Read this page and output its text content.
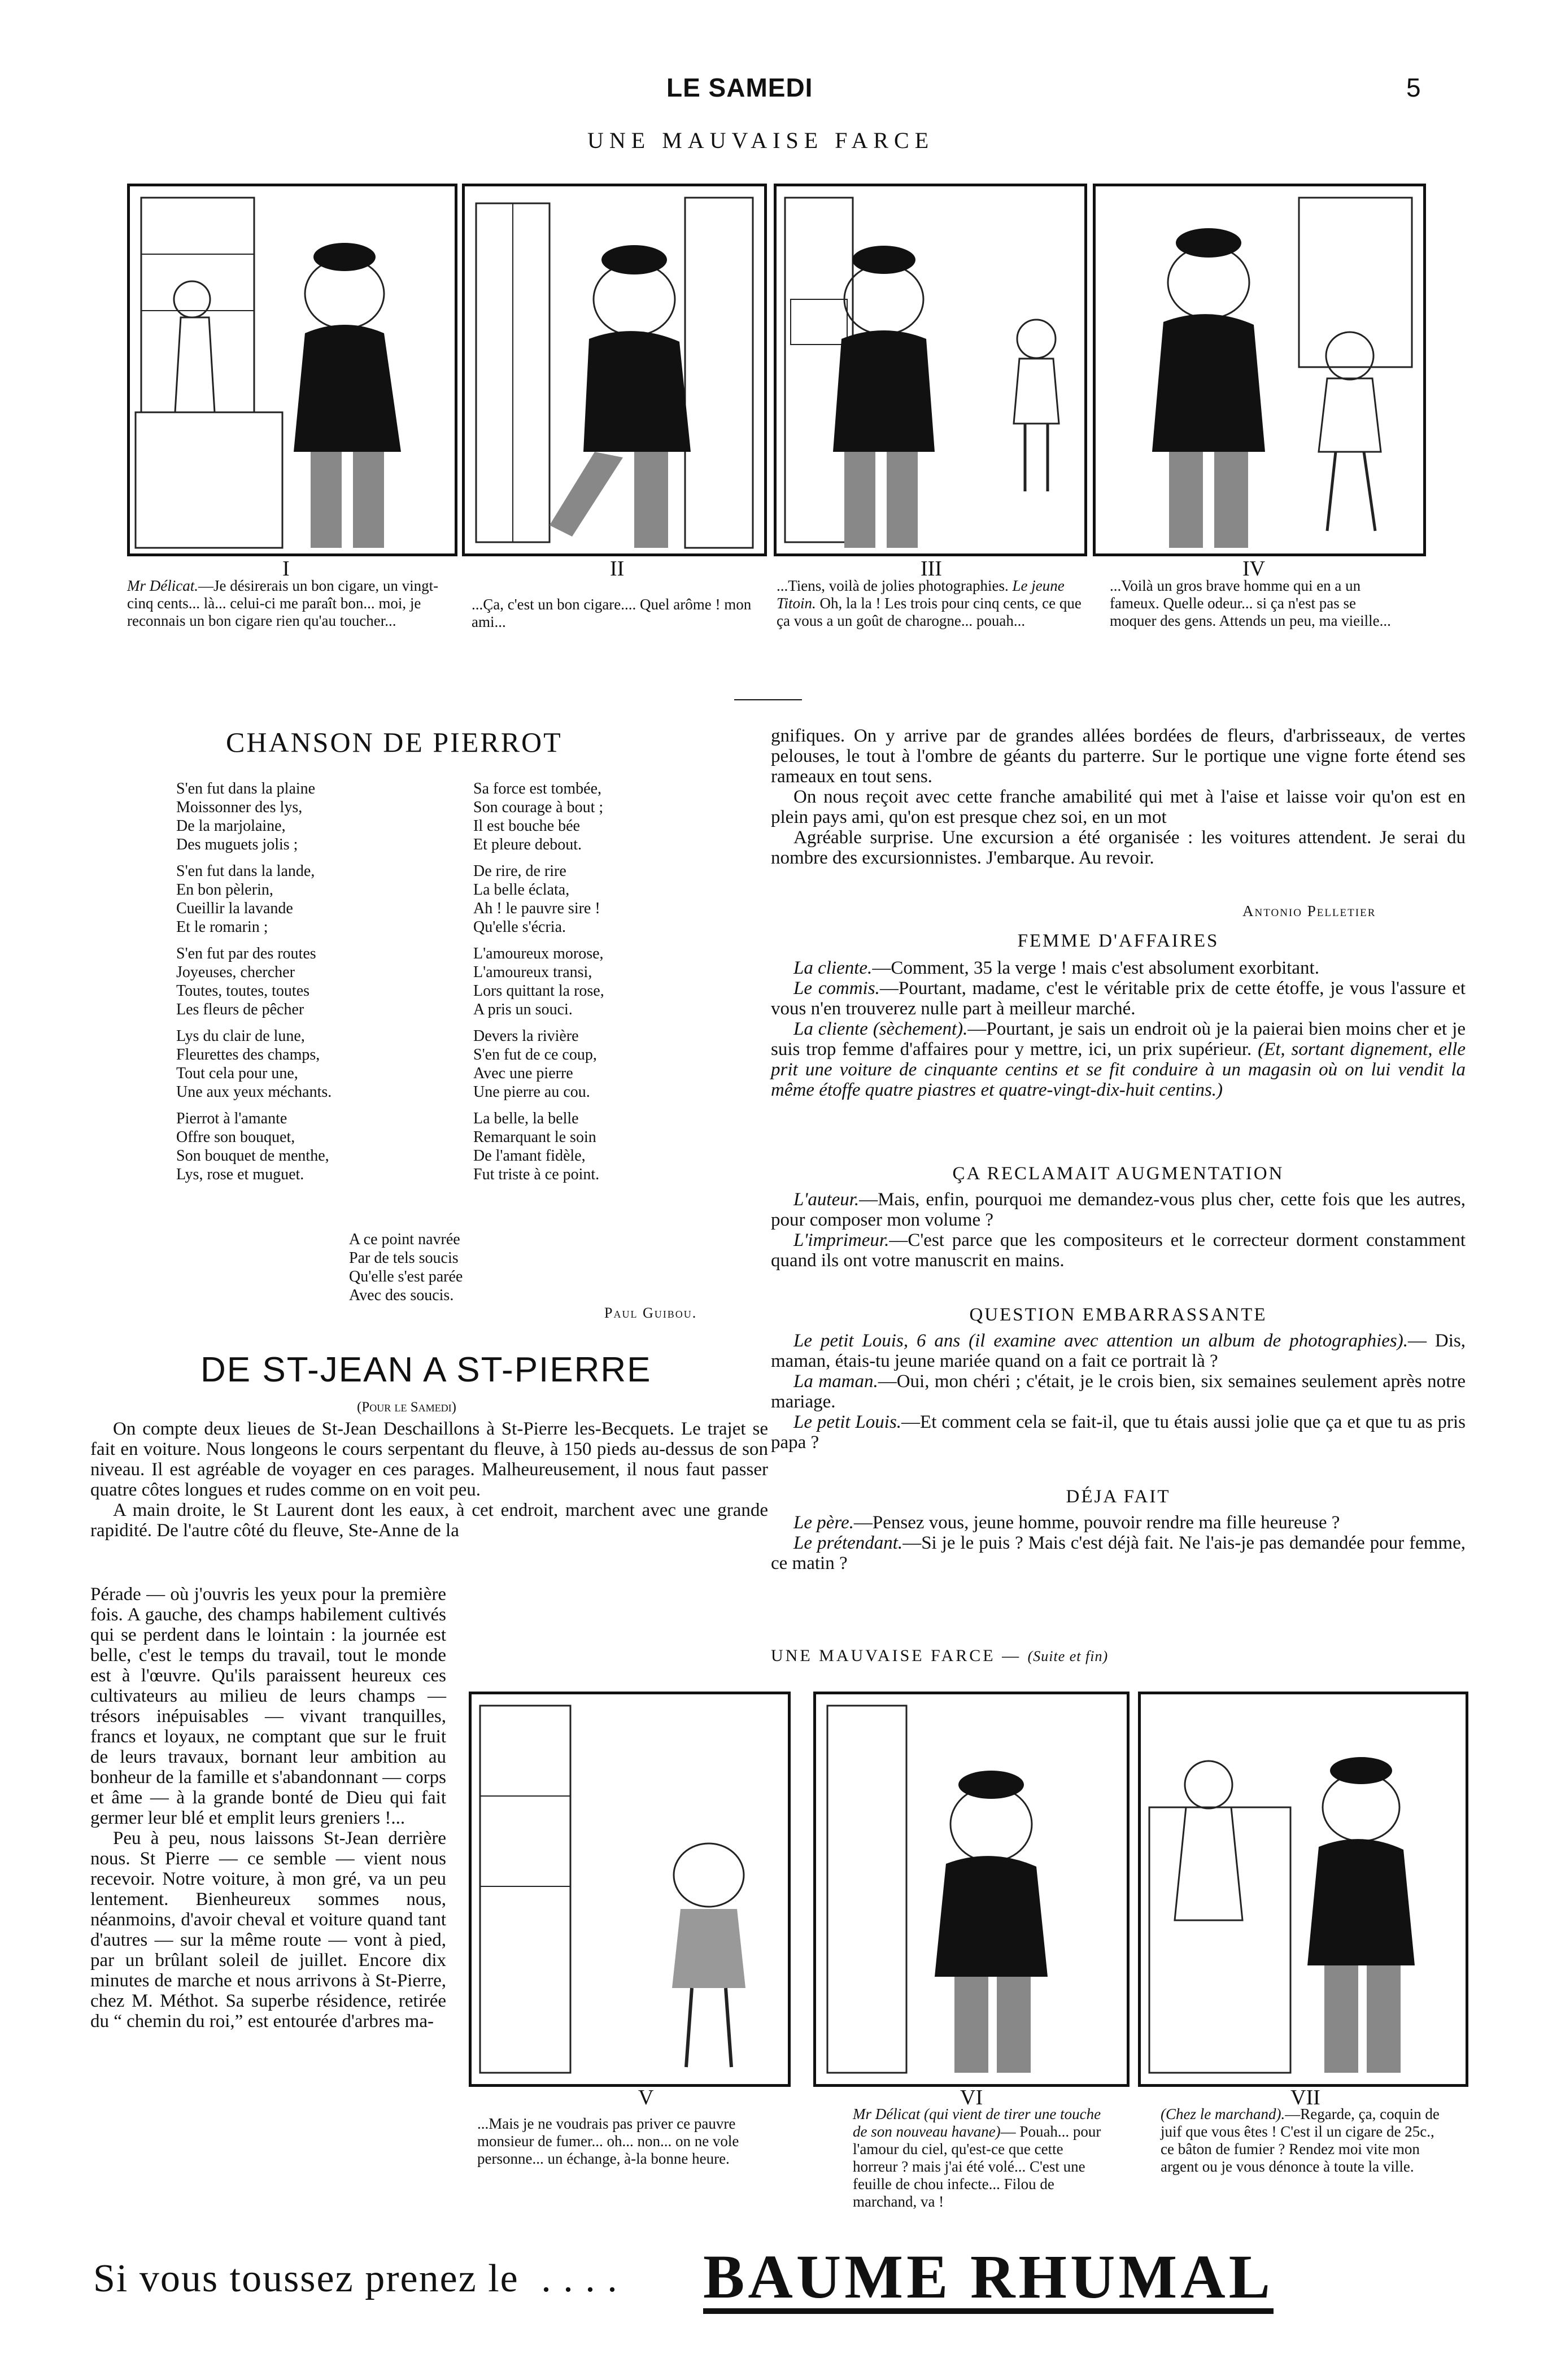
LE SAMEDI	5
UNE MAUVAISE FARCE
I
Mr Délicat.—Je désirerais un bon cigare, un vingt-cinq cents... là... celui-ci me paraît bon... moi, je reconnais un bon cigare rien qu'au toucher...
II
...Ça, c'est un bon cigare.... Quel arôme ! mon ami...
III
...Tiens, voilà de jolies photographies. Le jeune Titoin. Oh, la la ! Les trois pour cinq cents, ce que ça vous a un goût de charogne... pouah...
IV
...Voilà un gros brave homme qui en a un fameux. Quelle odeur... si ça n'est pas se moquer des gens. Attends un peu, ma vieille...
CHANSON DE PIERROT
S'en fut dans la plaine
Moissonner des lys,
De la marjolaine,
Des muguets jolis ;
S'en fut dans la lande,
En bon pèlerin,
Cueillir la lavande
Et le romarin ;
S'en fut par des routes
Joyeuses, chercher
Toutes, toutes, toutes
Les fleurs de pêcher
Lys du clair de lune,
Fleurettes des champs,
Tout cela pour une,
Une aux yeux méchants.
Pierrot à l'amante
Offre son bouquet,
Son bouquet de menthe,
Lys, rose et muguet.
Sa force est tombée,
Son courage à bout ;
Il est bouche bée
Et pleure debout.
De rire, de rire
La belle éclata,
Ah ! le pauvre sire !
Qu'elle s'écria.
L'amoureux morose,
L'amoureux transi,
Lors quittant la rose,
A pris un souci.
Devers la rivière
S'en fut de ce coup,
Avec une pierre
Une pierre au cou.
La belle, la belle
Remarquant le soin
De l'amant fidèle,
Fut triste à ce point.
A ce point navrée
Par de tels soucis
Qu'elle s'est parée
Avec des soucis.
Paul Guibou.
DE ST-JEAN A ST-PIERRE
(Pour le Samedi)

On compte deux lieues de St-Jean Deschaillons à St-Pierre les-Becquets. Le trajet se fait en voiture. Nous longeons le cours serpentant du fleuve, à 150 pieds au-dessus de son niveau. Il est agréable de voyager en ces parages. Malheureusement, il nous faut passer quatre côtes longues et rudes comme on en voit peu.

A main droite, le St Laurent dont les eaux, à cet endroit, marchent avec une grande rapidité. De l'autre côté du fleuve, Ste-Anne de la

Pérade — où j'ouvris les yeux pour la première fois. A gauche, des champs habilement cultivés qui se perdent dans le lointain : la journée est belle, c'est le temps du travail, tout le monde est à l'œuvre. Qu'ils paraissent heureux ces cultivateurs au milieu de leurs champs — trésors inépuisables — vivant tranquilles, francs et loyaux, ne comptant que sur le fruit de leurs travaux, bornant leur ambition au bonheur de la famille et s'abandonnant — corps et âme — à la grande bonté de Dieu qui fait germer leur blé et emplit leurs greniers !...

Peu à peu, nous laissons St-Jean derrière nous. St Pierre — ce semble — vient nous recevoir. Notre voiture, à mon gré, va un peu lentement. Bienheureux sommes nous, néanmoins, d'avoir cheval et voiture quand tant d'autres — sur la même route — vont à pied, par un brûlant soleil de juillet. Encore dix minutes de marche et nous arrivons à St-Pierre, chez M. Méthot. Sa superbe résidence, retirée du “ chemin du roi,” est entourée d'arbres ma-

gnifiques. On y arrive par de grandes allées bordées de fleurs, d'arbrisseaux, de vertes pelouses, le tout à l'ombre de géants du parterre. Sur le portique une vigne forte étend ses rameaux en tout sens.

On nous reçoit avec cette franche amabilité qui met à l'aise et laisse voir qu'on est en plein pays ami, qu'on est presque chez soi, en un mot

Agréable surprise. Une excursion a été organisée : les voitures attendent. Je serai du nombre des excursionnistes. J'embarque. Au revoir.

Antonio Pelletier
FEMME D'AFFAIRES

La cliente.—Comment, 35 la verge ! mais c'est absolument exorbitant.

Le commis.—Pourtant, madame, c'est le véritable prix de cette étoffe, je vous l'assure et vous n'en trouverez nulle part à meilleur marché.

La cliente (sèchement).—Pourtant, je sais un endroit où je la paierai bien moins cher et je suis trop femme d'affaires pour y mettre, ici, un prix supérieur. (Et, sortant dignement, elle prit une voiture de cinquante centins et se fit conduire à un magasin où on lui vendit la même étoffe quatre piastres et quatre-vingt-dix-huit centins.)

ÇA RECLAMAIT AUGMENTATION

L'auteur.—Mais, enfin, pourquoi me demandez-vous plus cher, cette fois que les autres, pour composer mon volume ?

L'imprimeur.—C'est parce que les compositeurs et le correcteur dorment constamment quand ils ont votre manuscrit en mains.

QUESTION EMBARRASSANTE

Le petit Louis, 6 ans (il examine avec attention un album de photographies).— Dis, maman, étais-tu jeune mariée quand on a fait ce portrait là ?

La maman.—Oui, mon chéri ; c'était, je le crois bien, six semaines seulement après notre mariage.

Le petit Louis.—Et comment cela se fait-il, que tu étais aussi jolie que ça et que tu as pris papa ?

DÉJA FAIT

Le père.—Pensez vous, jeune homme, pouvoir rendre ma fille heureuse ?

Le prétendant.—Si je le puis ? Mais c'est déjà fait. Ne l'ais-je pas demandée pour femme, ce matin ?

UNE MAUVAISE FARCE — (Suite et fin)
V
...Mais je ne voudrais pas priver ce pauvre monsieur de fumer... oh... non... on ne vole personne... un échange, à-la bonne heure.
VI
Mr Délicat (qui vient de tirer une touche de son nouveau havane)— Pouah... pour l'amour du ciel, qu'est-ce que cette horreur ? mais j'ai été volé... C'est une feuille de chou infecte... Filou de marchand, va !
VII
(Chez le marchand).—Regarde, ça, coquin de juif que vous êtes ! C'est il un cigare de 25c., ce bâton de fumier ? Rendez moi vite mon argent ou je vous dénonce à toute la ville.
Si vous toussez prenez le . . . . BAUME RHUMAL
